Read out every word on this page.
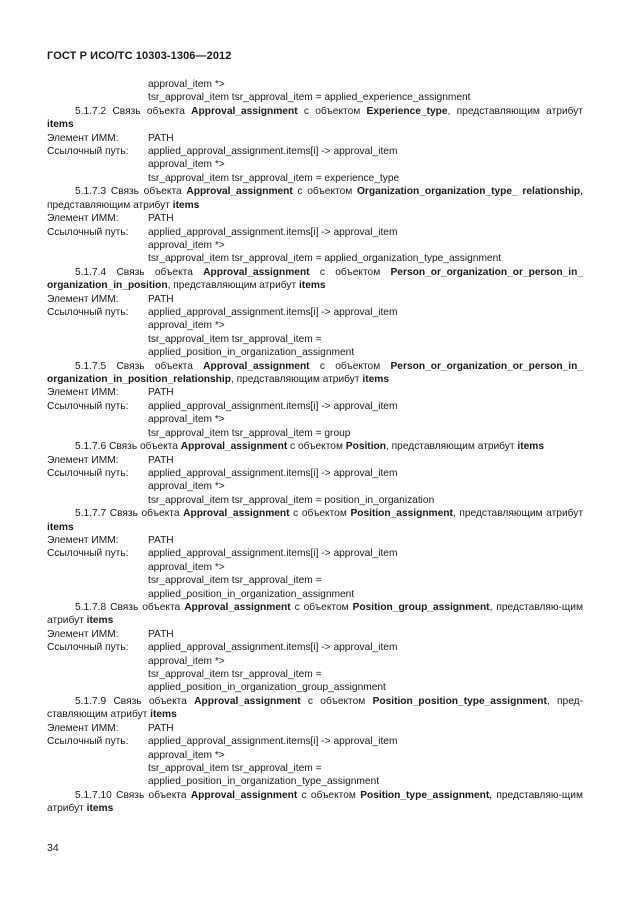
ГОСТ Р ИСО/ТС 10303-1306—2012
approval_item *>
tsr_approval_item tsr_approval_item = applied_experience_assignment
5.1.7.2 Связь объекта Approval_assignment с объектом Experience_type, представляющим атрибут items
Элемент ИММ:	PATH
Ссылочный путь: applied_approval_assignment.items[i] -> approval_item
approval_item *>
tsr_approval_item tsr_approval_item = experience_type
5.1.7.3 Связь объекта Approval_assignment с объектом Organization_organization_type_ relationship, представляющим атрибут items
Элемент ИММ:	PATH
Ссылочный путь: applied_approval_assignment.items[i] -> approval_item
approval_item *>
tsr_approval_item tsr_approval_item = applied_organization_type_assignment
5.1.7.4 Связь объекта Approval_assignment с объектом Person_or_organization_or_person_in_ organization_in_position, представляющим атрибут items
Элемент ИММ:	PATH
Ссылочный путь: applied_approval_assignment.items[i] -> approval_item
approval_item *>
tsr_approval_item tsr_approval_item =
applied_position_in_organization_assignment
5.1.7.5 Связь объекта Approval_assignment с объектом Person_or_organization_or_person_in_ organization_in_position_relationship, представляющим атрибут items
Элемент ИММ:	PATH
Ссылочный путь: applied_approval_assignment.items[i] -> approval_item
approval_item *>
tsr_approval_item tsr_approval_item = group
5.1.7.6 Связь объекта Approval_assignment с объектом Position, представляющим атрибут items
Элемент ИММ:	PATH
Ссылочный путь: applied_approval_assignment.items[i] -> approval_item
approval_item *>
tsr_approval_item tsr_approval_item = position_in_organization
5.1.7.7 Связь объекта Approval_assignment с объектом Position_assignment, представляющим атрибут items
Элемент ИММ:	PATH
Ссылочный путь: applied_approval_assignment.items[i] -> approval_item
approval_item *>
tsr_approval_item tsr_approval_item =
applied_position_in_organization_assignment
5.1.7.8 Связь объекта Approval_assignment с объектом Position_group_assignment, представляю-щим атрибут items
Элемент ИММ:	PATH
Ссылочный путь: applied_approval_assignment.items[i] -> approval_item
approval_item *>
tsr_approval_item tsr_approval_item =
applied_position_in_organization_group_assignment
5.1.7.9 Связь объекта Approval_assignment с объектом Position_position_type_assignment, пред-ставляющим атрибут items
Элемент ИММ:	PATH
Ссылочный путь: applied_approval_assignment.items[i] -> approval_item
approval_item *>
tsr_approval_item tsr_approval_item =
applied_position_in_organization_type_assignment
5.1.7.10 Связь объекта Approval_assignment с объектом Position_type_assignment, представляю-щим атрибут items
34
